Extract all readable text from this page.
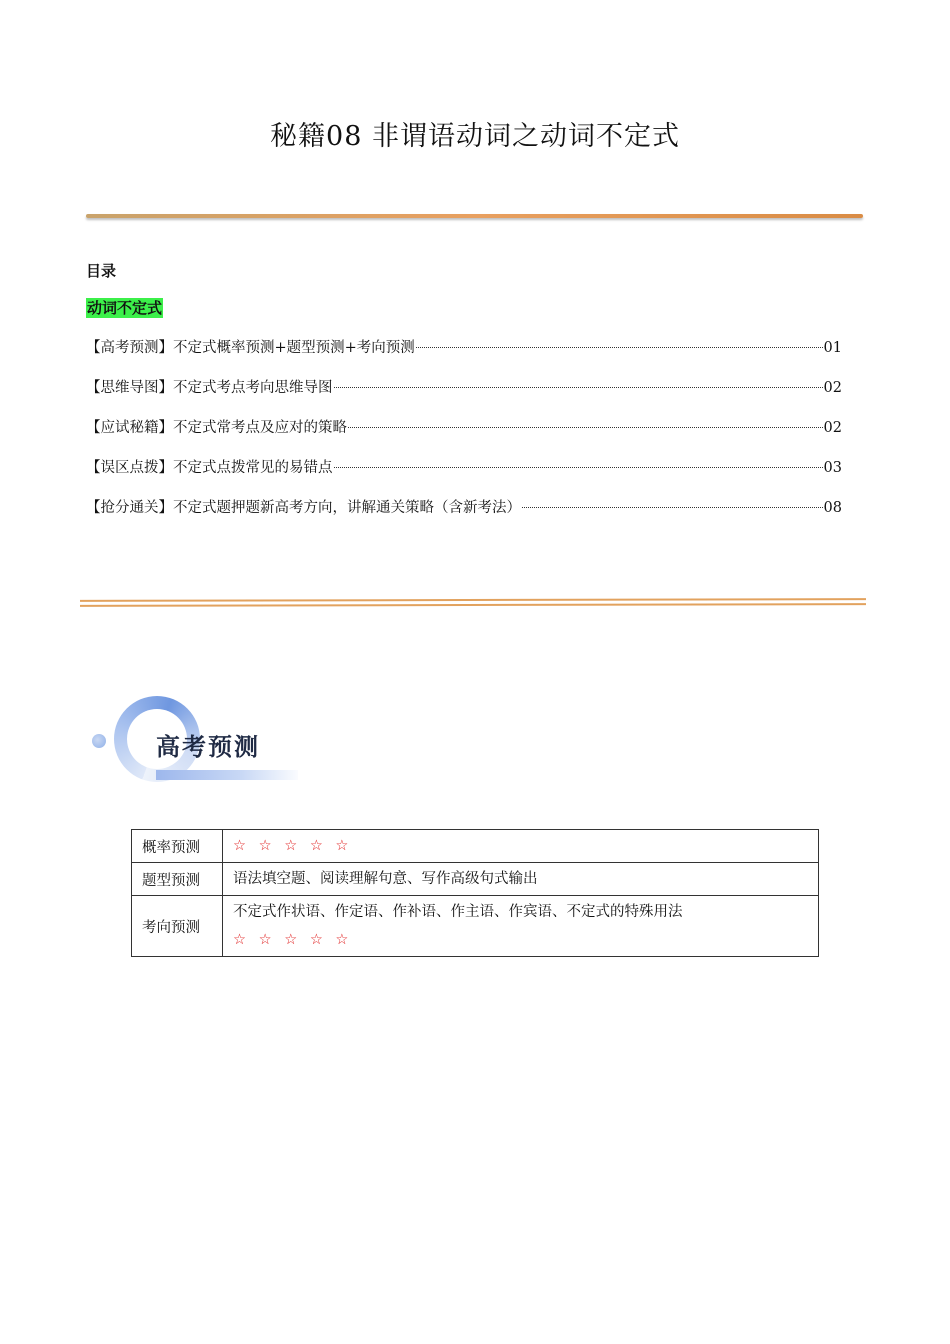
秘籍08 非谓语动词之动词不定式
目录
动词不定式
【高考预测】不定式概率预测+题型预测+考向预测	01
【思维导图】不定式考点考向思维导图	02
【应试秘籍】不定式常考点及应对的策略	02
【误区点拨】不定式点拨常见的易错点	03
【抢分通关】不定式题押题新高考方向，讲解通关策略（含新考法）	08
高考预测
概率预测	☆ ☆ ☆ ☆ ☆
题型预测	语法填空题、阅读理解句意、写作高级句式输出
考向预测	不定式作状语、作定语、作补语、作主语、作宾语、不定式的特殊用法
☆ ☆ ☆ ☆ ☆
